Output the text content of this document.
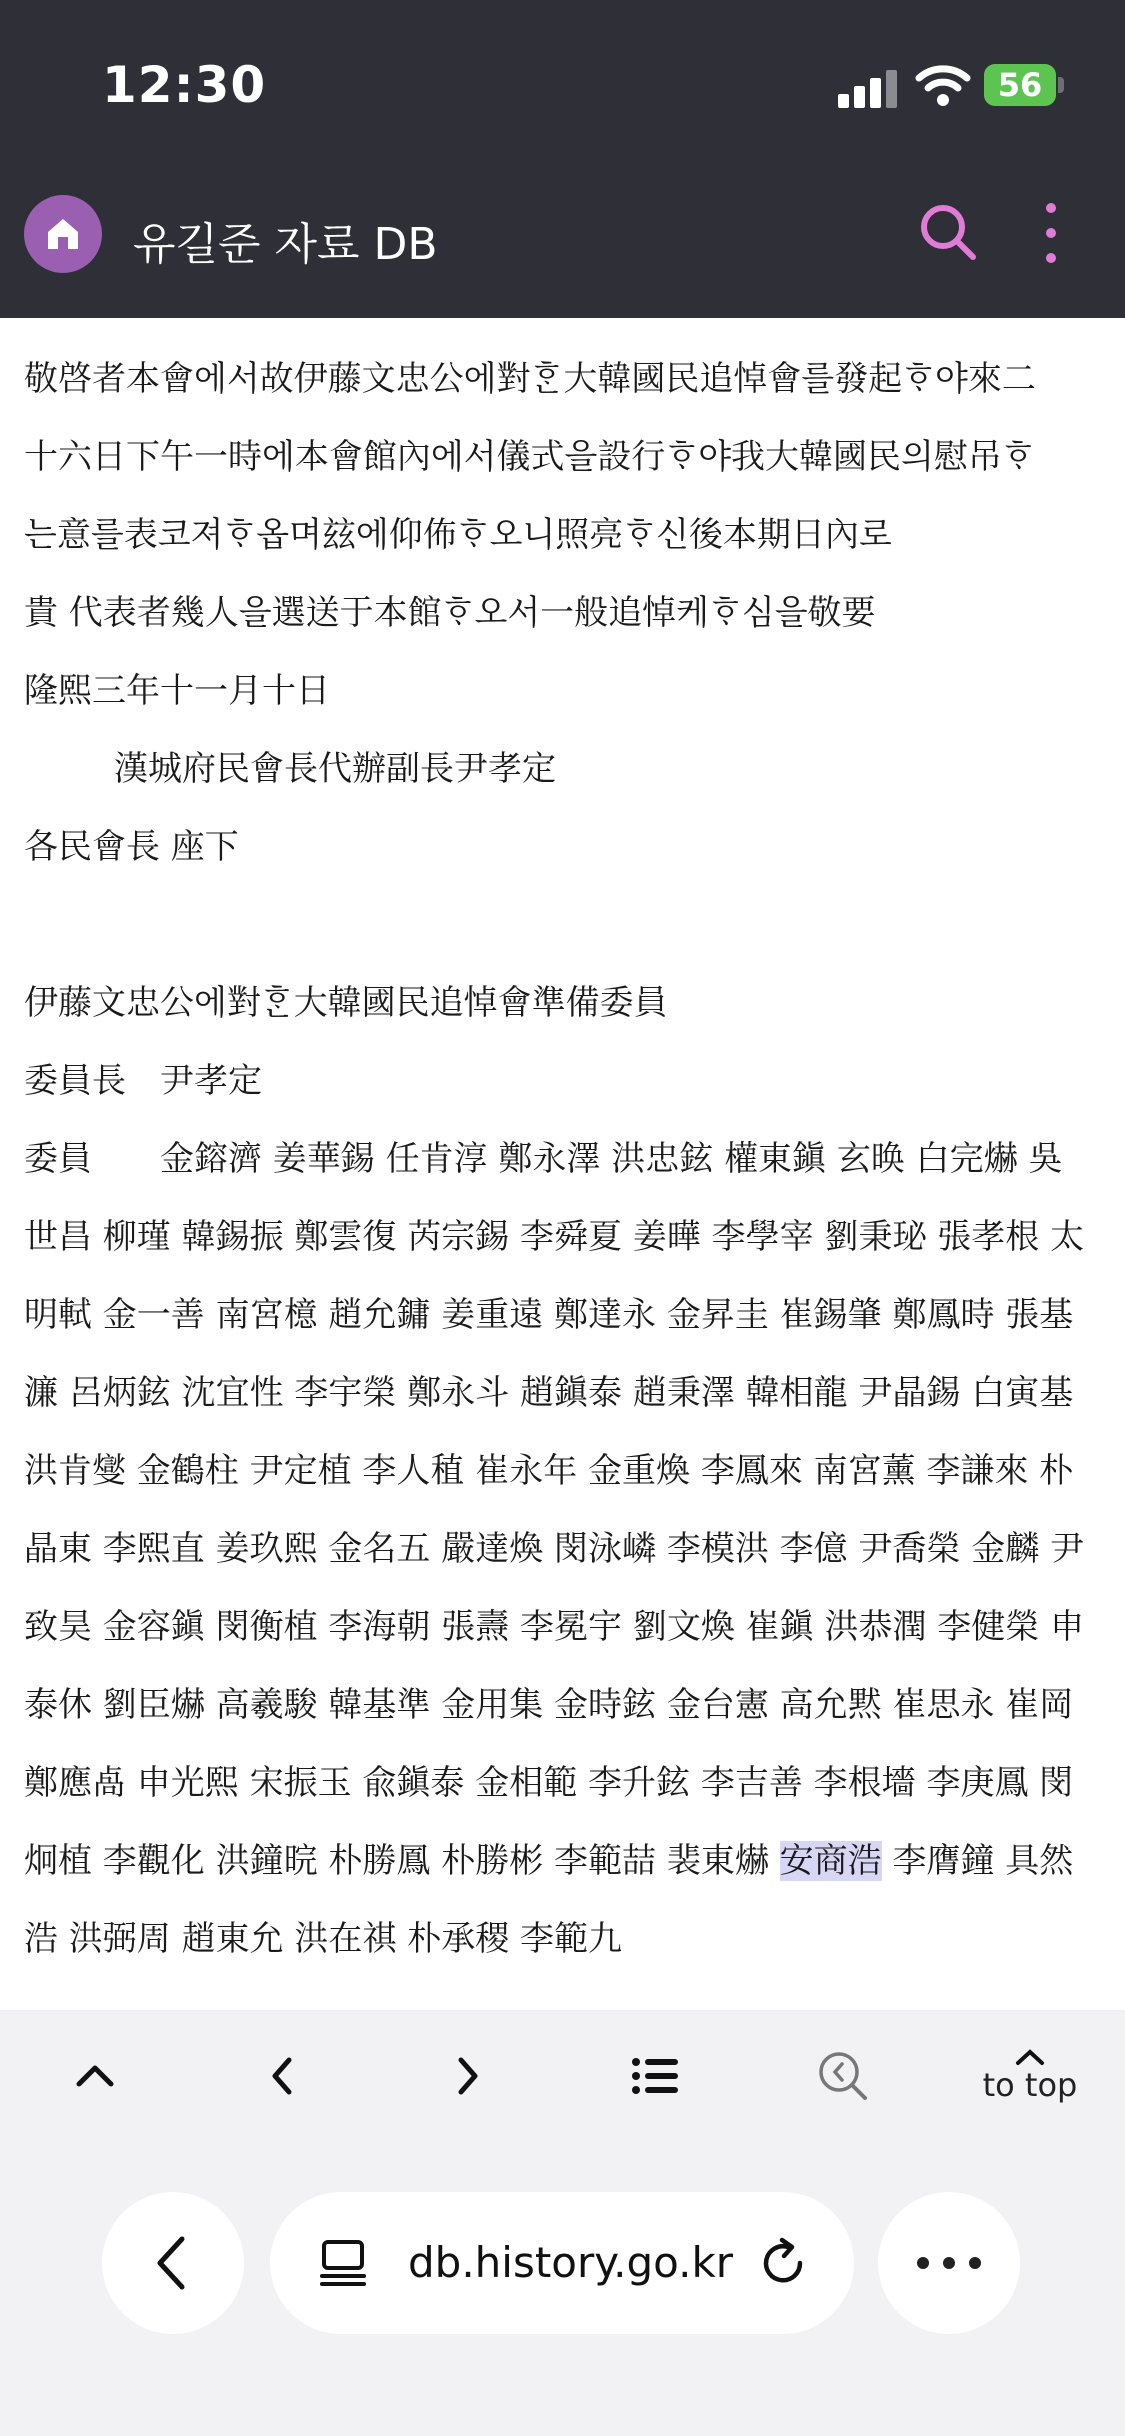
12:30	56
유길준 자료 DB
敬啓者本會에서故伊藤文忠公에對ᄒᆞᆫ大韓國民追悼會를發起ᄒᆞ야來二
十六日下午一時에本會館內에서儀式을設行ᄒᆞ야我大韓國民의慰吊ᄒᆞ
는意를表코져ᄒᆞ옵며玆에仰佈ᄒᆞ오니照亮ᄒᆞ신後本期日內로
貴 代表者幾人을選送于本館ᄒᆞ오서一般追悼케ᄒᆞ심을敬要
隆熙三年十一月十日
漢城府民會長代辦副長尹孝定
各民會長 座下
伊藤文忠公에對ᄒᆞᆫ大韓國民追悼會準備委員
委員長　尹孝定
委員　　金鎔濟 姜華錫 任肯淳 鄭永澤 洪忠鉉 權東鎭 玄㬇 白完爀 吳
世昌 柳瑾 韓錫振 鄭雲復 芮宗錫 李舜夏 姜曄 李學宰 劉秉珌 張孝根 太
明軾 金一善 南宮檍 趙允鏞 姜重遠 鄭達永 金昇圭 崔錫肇 鄭鳳時 張基
濂 呂炳鉉 沈宜性 李宇榮 鄭永斗 趙鎭泰 趙秉澤 韓相龍 尹晶錫 白寅基
洪肯燮 金鶴柱 尹定植 李人稙 崔永年 金重煥 李鳳來 南宮薰 李謙來 朴
晶東 李熙直 姜玖熙 金名五 嚴達煥 閔泳嶙 李模洪 李億 尹喬榮 金麟 尹
致昊 金容鎭 閔衡植 李海朝 張燾 李冕宇 劉文煥 崔鎭 洪恭潤 李健榮 申
泰休 劉臣爀 高羲駿 韓基準 金用集 金時鉉 金台憲 高允黙 崔思永 崔岡
鄭應卨 申光熙 宋振玉 兪鎭泰 金相範 李升鉉 李吉善 李根墻 李庚鳳 閔
炯植 李觀化 洪鐘晥 朴勝鳳 朴勝彬 李範喆 裴東爀 安商浩 李膺鐘 具然
浩 洪弼周 趙東允 洪在祺 朴承稷 李範九
to top
db.history.go.kr
